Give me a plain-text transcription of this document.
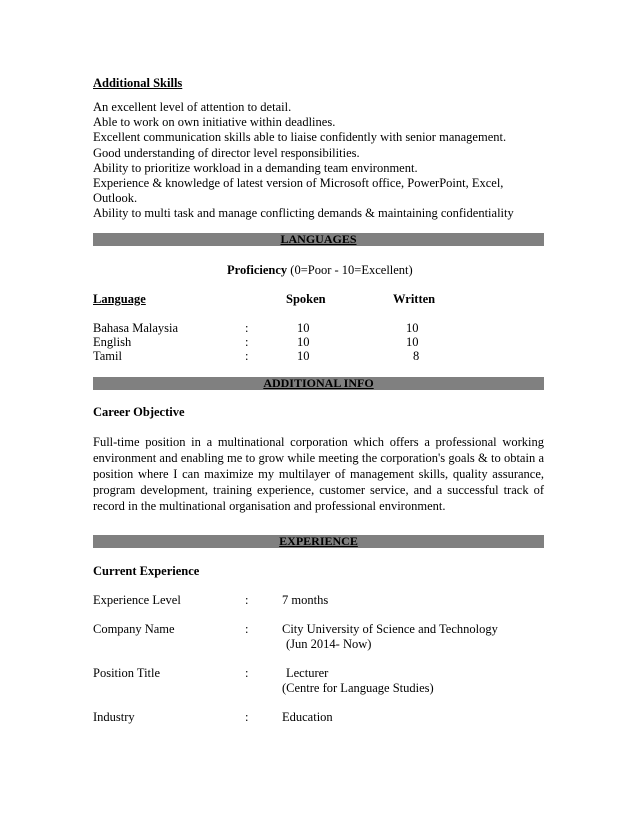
Additional Skills
An excellent level of attention to detail.
Able to work on own initiative within deadlines.
Excellent communication skills able to liaise confidently with senior management.
Good understanding of director level responsibilities.
Ability to prioritize workload in a demanding team environment.
Experience & knowledge of latest version of Microsoft office, PowerPoint, Excel,
Outlook.
Ability to multi task and manage conflicting demands & maintaining confidentiality
LANGUAGES
Proficiency (0=Poor - 10=Excellent)
Language	Spoken	Written
Bahasa Malaysia	:	10	10
English	:	10	10
Tamil	:	10	8
ADDITIONAL INFO
Career Objective
Full-time position in a multinational corporation which offers a professional working environment and enabling me to grow while meeting the corporation's goals & to obtain a position where I can maximize my multilayer of management skills, quality assurance, program development, training experience, customer service, and a successful track of record in the multinational organisation and professional environment.
EXPERIENCE
Current Experience
Experience Level	:	7 months
Company Name	:	City University of Science and Technology
(Jun 2014- Now)
Position Title	:	Lecturer
(Centre for Language Studies)
Industry	:	Education
